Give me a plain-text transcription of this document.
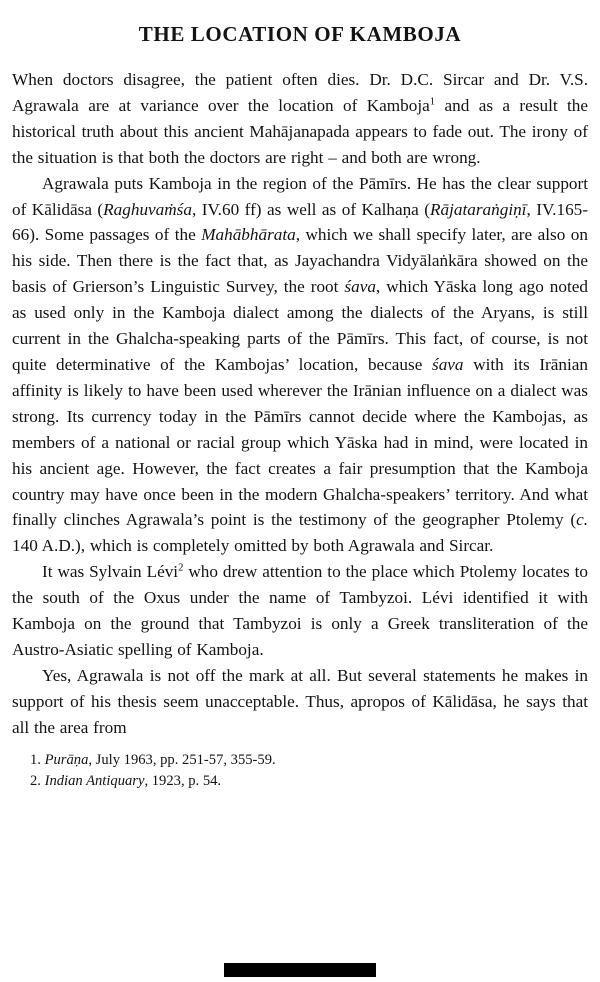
THE LOCATION OF KAMBOJA

When doctors disagree, the patient often dies. Dr. D.C. Sircar and Dr. V.S. Agrawala are at variance over the location of Kamboja$^1$ and as a result the historical truth about this ancient Mahājanapada appears to fade out. The irony of the situation is that both the doctors are right – and both are wrong.

Agrawala puts Kamboja in the region of the Pāmīrs. He has the clear support of Kālidāsa (Raghuvaṁśa, IV.60 ff) as well as of Kalhaṇa (Rājataraṅgiṇī, IV.165-66). Some passages of the Mahābhārata, which we shall specify later, are also on his side. Then there is the fact that, as Jayachandra Vidyālaṅkāra showed on the basis of Grierson’s Linguistic Survey, the root śava, which Yāska long ago noted as used only in the Kamboja dialect among the dialects of the Aryans, is still current in the Ghalcha-speaking parts of the Pāmīrs. This fact, of course, is not quite determinative of the Kambojas’ location, because śava with its Irānian affinity is likely to have been used wherever the Irānian influence on a dialect was strong. Its currency today in the Pāmīrs cannot decide where the Kambojas, as members of a national or racial group which Yāska had in mind, were located in his ancient age. However, the fact creates a fair presumption that the Kamboja country may have once been in the modern Ghalcha-speakers’ territory. And what finally clinches Agrawala’s point is the testimony of the geographer Ptolemy (c. 140 A.D.), which is completely omitted by both Agrawala and Sircar.

It was Sylvain Lévi$^2$ who drew attention to the place which Ptolemy locates to the south of the Oxus under the name of Tambyzoi. Lévi identified it with Kamboja on the ground that Tambyzoi is only a Greek transliteration of the Austro-Asiatic spelling of Kamboja.

Yes, Agrawala is not off the mark at all. But several statements he makes in support of his thesis seem unacceptable. Thus, apropos of Kālidāsa, he says that all the area from

1. Purāṇa, July 1963, pp. 251-57, 355-59.

2. Indian Antiquary, 1923, p. 54.
